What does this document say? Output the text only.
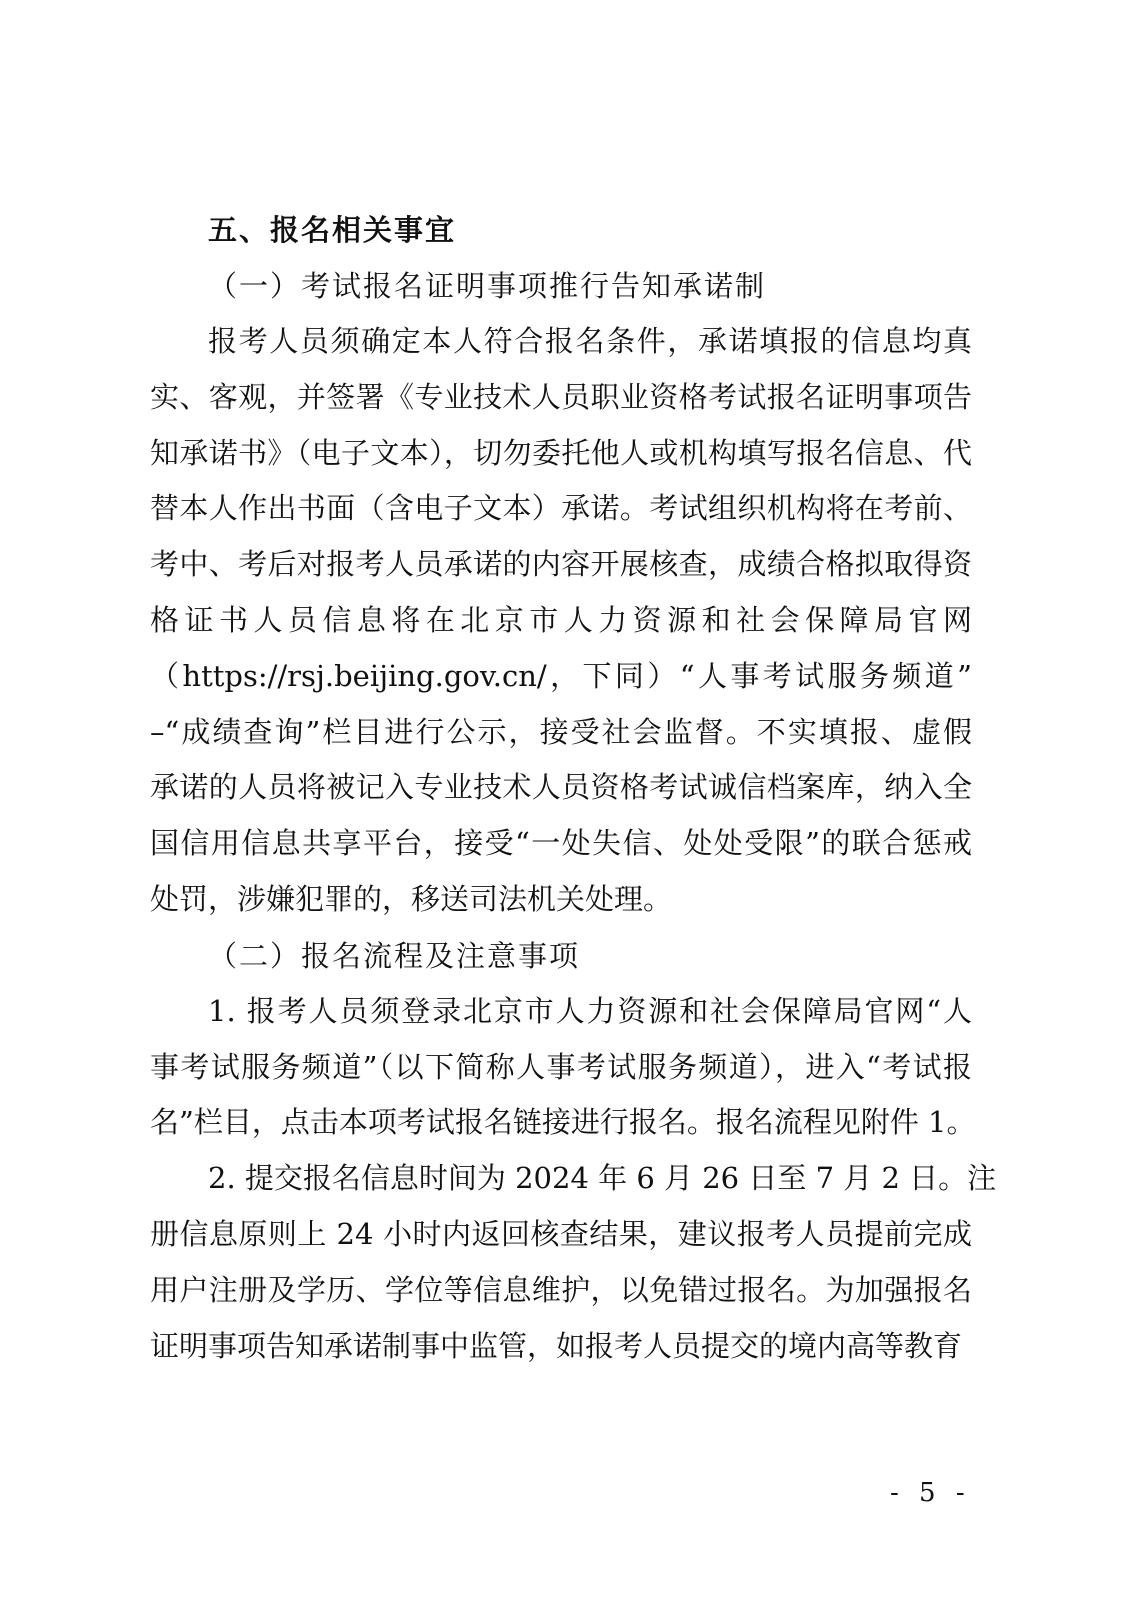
五、报名相关事宜
（一）考试报名证明事项推行告知承诺制
报考人员须确定本人符合报名条件，承诺填报的信息均真
实、客观，并签署《专业技术人员职业资格考试报名证明事项告
知承诺书》（电子文本），切勿委托他人或机构填写报名信息、代
替本人作出书面（含电子文本）承诺。考试组织机构将在考前、
考中、考后对报考人员承诺的内容开展核查，成绩合格拟取得资
格证书人员信息将在北京市人力资源和社会保障局官网
（https://rsj.beijing.gov.cn/，下同）“人事考试服务频道”
–“成绩查询”栏目进行公示，接受社会监督。不实填报、虚假
承诺的人员将被记入专业技术人员资格考试诚信档案库，纳入全
国信用信息共享平台，接受“一处失信、处处受限”的联合惩戒
处罚，涉嫌犯罪的，移送司法机关处理。
（二）报名流程及注意事项
1. 报考人员须登录北京市人力资源和社会保障局官网“人
事考试服务频道”（以下简称人事考试服务频道），进入“考试报
名”栏目，点击本项考试报名链接进行报名。报名流程见附件 1。
2. 提交报名信息时间为 2024 年 6 月 26 日至 7 月 2 日。注
册信息原则上 24 小时内返回核查结果，建议报考人员提前完成
用户注册及学历、学位等信息维护，以免错过报名。为加强报名
证明事项告知承诺制事中监管，如报考人员提交的境内高等教育
- 5 -
